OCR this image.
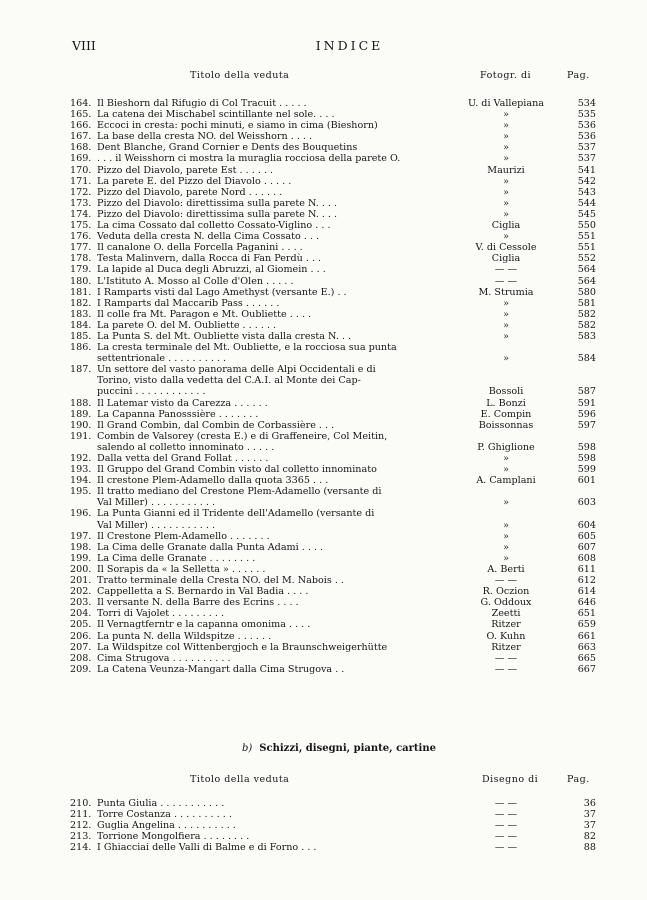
VIII	INDICE
Titolo della veduta	Fotogr. di	Pag.
164. Il Bieshorn dal Rifugio di Col Tracuit . . . . .	U. di Vallepiana	534
165. La catena dei Mischabel scintillante nel sole. . . .	»	535
166. Eccoci in cresta: pochi minuti, e siamo in cima (Bieshorn)	»	536
167. La base della cresta NO. del Weisshorn . . . .	»	536
168. Dent Blanche, Grand Cornier e Dents des Bouquetins	»	537
169. . . . il Weisshorn ci mostra la muraglia rocciosa della parete O.	»	537
170. Pizzo del Diavolo, parete Est . . . . . .	Maurizi	541
171. La parete E. del Pizzo del Diavolo . . . . .	»	542
172. Pizzo del Diavolo, parete Nord . . . . . .	»	543
173. Pizzo del Diavolo: direttissima sulla parete N. . . .	»	544
174. Pizzo del Diavolo: direttissima sulla parete N. . . .	»	545
175. La cima Cossato dal colletto Cossato-Viglino . . .	Ciglia	550
176. Veduta della cresta N. della Cima Cossato . . .	»	551
177. Il canalone O. della Forcella Paganini . . . .	V. di Cessole	551
178. Testa Malinvern, dalla Rocca di Fan Perdù . . .	Ciglia	552
179. La lapide al Duca degli Abruzzi, al Giomein . . .	— —	564
180. L'Istituto A. Mosso al Colle d'Olen . . . . .	— —	564
181. I Ramparts visti dal Lago Amethyst (versante E.) . .	M. Strumia	580
182. I Ramparts dal Maccarib Pass . . . . . .	»	581
183. Il colle fra Mt. Paragon e Mt. Oubliette . . . .	»	582
184. La parete O. del M. Oubliette . . . . . .	»	582
185. La Punta S. del Mt. Oubliette vista dalla cresta N. . .	»	583
186. La cresta terminale del Mt. Oubliette, e la rocciosa sua punta
settentrionale . . . . . . . . . .	»	584
187. Un settore del vasto panorama delle Alpi Occidentali e di
Torino, visto dalla vedetta del C.A.I. al Monte dei Cap-
puccini . . . . . . . . . . . .	Bossoli	587
188. Il Latemar visto da Carezza . . . . . .	L. Bonzi	591
189. La Capanna Panosssière . . . . . . .	E. Compin	596
190. Il Grand Combin, dal Combin de Corbassière . . .	Boissonnas	597
191. Combin de Valsorey (cresta E.) e di Graffeneire, Col Meitin,
salendo al colletto innominato . . . . .	P. Ghiglione	598
192. Dalla vetta del Grand Follat . . . . . .	»	598
193. Il Gruppo del Grand Combin visto dal colletto innominato	»	599
194. Il crestone Plem-Adamello dalla quota 3365 . . .	A. Camplani	601
195. Il tratto mediano del Crestone Plem-Adamello (versante di
Val Miller) . . . . . . . . . . .	»	603
196. La Punta Gianni ed il Tridente dell'Adamello (versante di
Val Miller) . . . . . . . . . . .	»	604
197. Il Crestone Plem-Adamello . . . . . . .	»	605
198. La Cima delle Granate dalla Punta Adami . . . .	»	607
199. La Cima delle Granate . . . . . . . .	»	608
200. Il Sorapis da « la Selletta » . . . . . .	A. Berti	611
201. Tratto terminale della Cresta NO. del M. Nabois . .	— —	612
202. Cappelletta a S. Bernardo in Val Badia . . . .	R. Oczion	614
203. Il versante N. della Barre des Ecrins . . . .	G. Oddoux	646
204. Torri di Vajolet . . . . . . . . .	Zeetti	651
205. Il Vernagtferntr e la capanna omonima . . . .	Ritzer	659
206. La punta N. della Wildspitze . . . . . .	O. Kuhn	661
207. La Wildspitze col Wittenbergjoch e la Braunschweigerhütte	Ritzer	663
208. Cima Strugova . . . . . . . . . .	— —	665
209. La Catena Veunza-Mangart dalla Cima Strugova . .	— —	667
b) Schizzi, disegni, piante, cartine
Titolo della veduta	Disegno di	Pag.
210. Punta Giulia . . . . . . . . . . .	— —	36
211. Torre Costanza . . . . . . . . . .	— —	37
212. Guglia Angelina . . . . . . . . . .	— —	37
213. Torrione Mongolfiera . . . . . . . .	— —	82
214. I Ghiacciai delle Valli di Balme e di Forno . . .	— —	88
